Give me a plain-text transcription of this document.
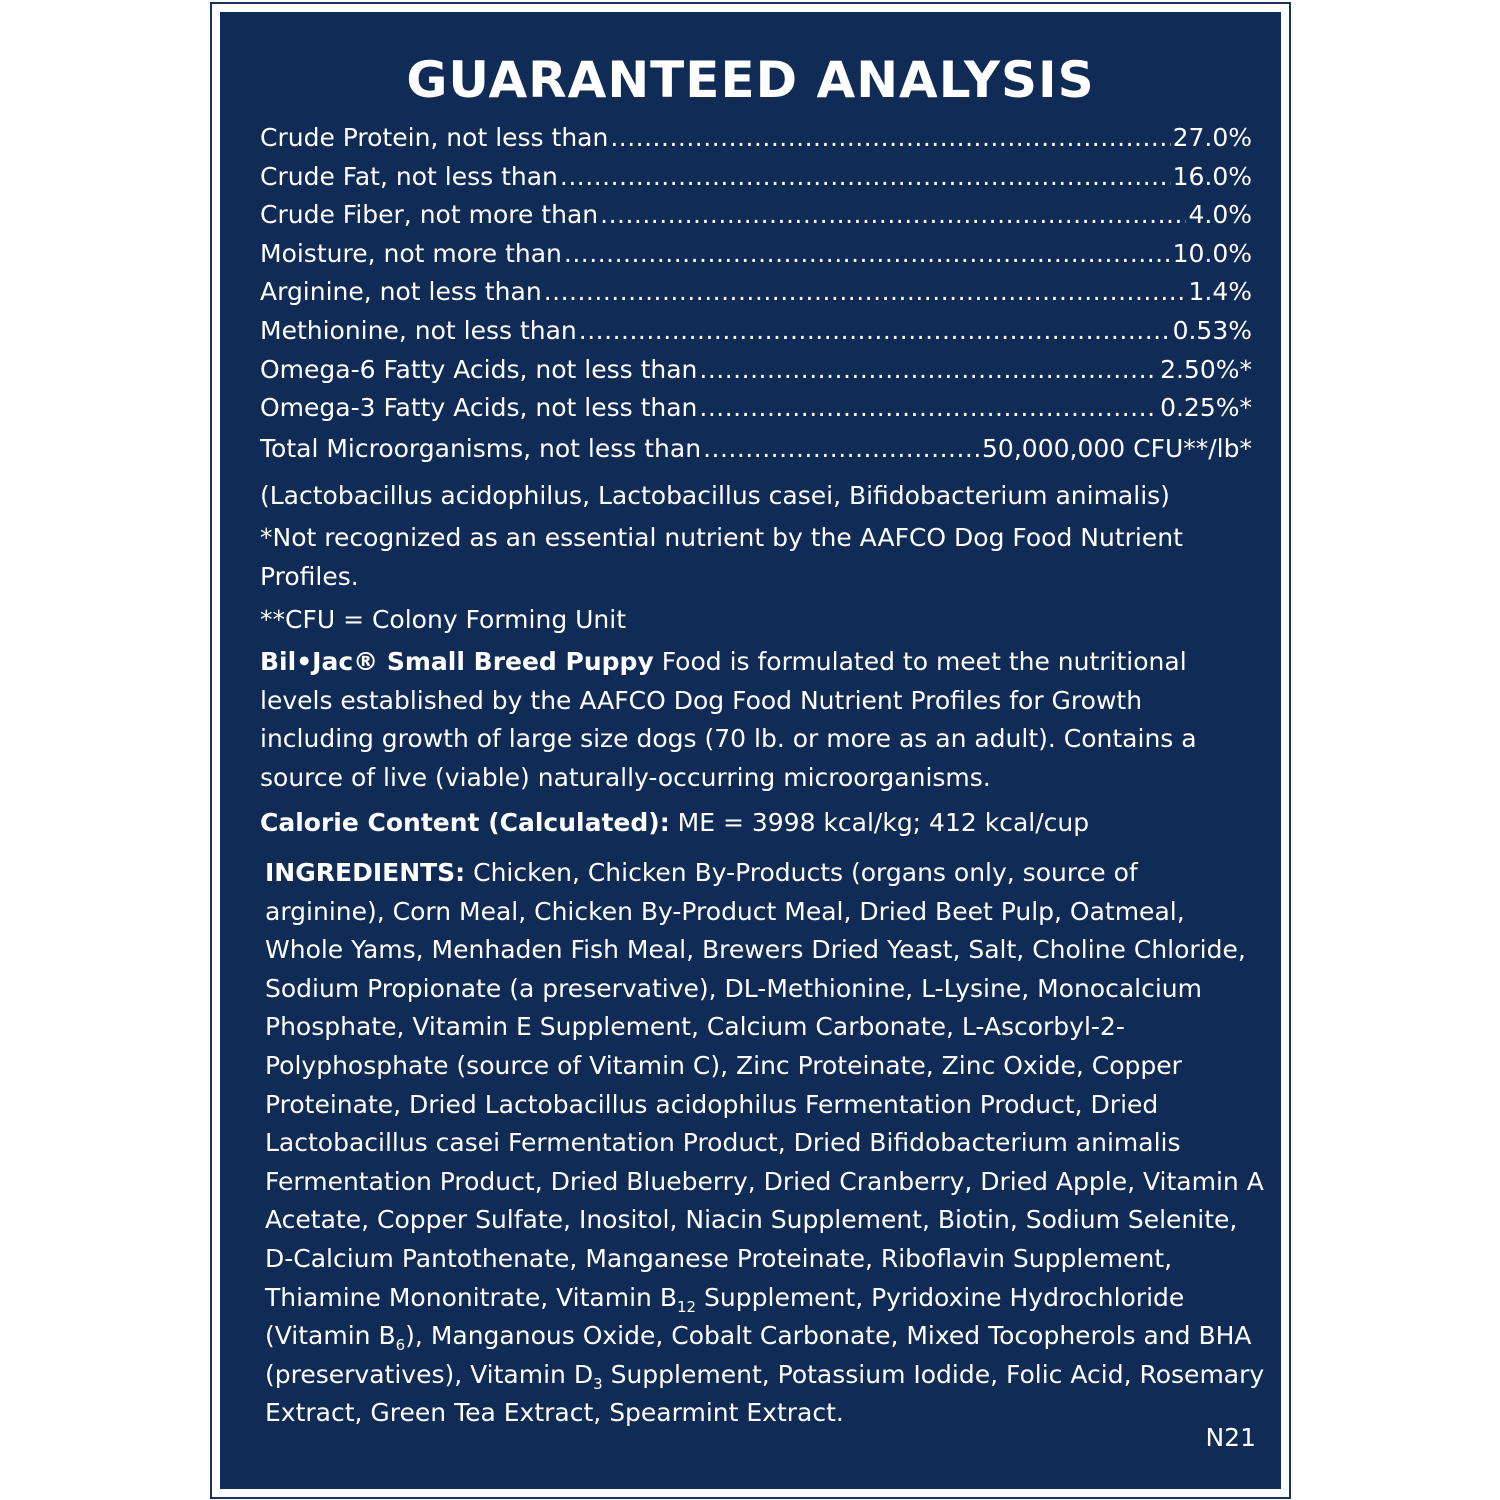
GUARANTEED ANALYSIS
Crude Protein, not less than .....	27.0%
Crude Fat, not less than .....	16.0%
Crude Fiber, not more than .....	4.0%
Moisture, not more than .....	10.0%
Arginine, not less than .....	1.4%
Methionine, not less than .....	0.53%
Omega-6 Fatty Acids, not less than .....	2.50%*
Omega-3 Fatty Acids, not less than .....	0.25%*
Total Microorganisms, not less than .....	50,000,000 CFU**/lb*

(Lactobacillus acidophilus, Lactobacillus casei, Bifidobacterium animalis)

*Not recognized as an essential nutrient by the AAFCO Dog Food Nutrient Profiles.

**CFU = Colony Forming Unit

Bil•Jac® Small Breed Puppy Food is formulated to meet the nutritional levels established by the AAFCO Dog Food Nutrient Profiles for Growth including growth of large size dogs (70 lb. or more as an adult). Contains a source of live (viable) naturally-occurring microorganisms.

Calorie Content (Calculated): ME = 3998 kcal/kg; 412 kcal/cup

INGREDIENTS: Chicken, Chicken By-Products (organs only, source of arginine), Corn Meal, Chicken By-Product Meal, Dried Beet Pulp, Oatmeal, Whole Yams, Menhaden Fish Meal, Brewers Dried Yeast, Salt, Choline Chloride, Sodium Propionate (a preservative), DL-Methionine, L-Lysine, Monocalcium Phosphate, Vitamin E Supplement, Calcium Carbonate, L-Ascorbyl-2-Polyphosphate (source of Vitamin C), Zinc Proteinate, Zinc Oxide, Copper Proteinate, Dried Lactobacillus acidophilus Fermentation Product, Dried Lactobacillus casei Fermentation Product, Dried Bifidobacterium animalis Fermentation Product, Dried Blueberry, Dried Cranberry, Dried Apple, Vitamin A Acetate, Copper Sulfate, Inositol, Niacin Supplement, Biotin, Sodium Selenite, D-Calcium Pantothenate, Manganese Proteinate, Riboflavin Supplement, Thiamine Mononitrate, Vitamin $B_{12}$ Supplement, Pyridoxine Hydrochloride (Vitamin $B_6$), Manganous Oxide, Cobalt Carbonate, Mixed Tocopherols and BHA (preservatives), Vitamin $D_3$ Supplement, Potassium Iodide, Folic Acid, Rosemary Extract, Green Tea Extract, Spearmint Extract.
N21
